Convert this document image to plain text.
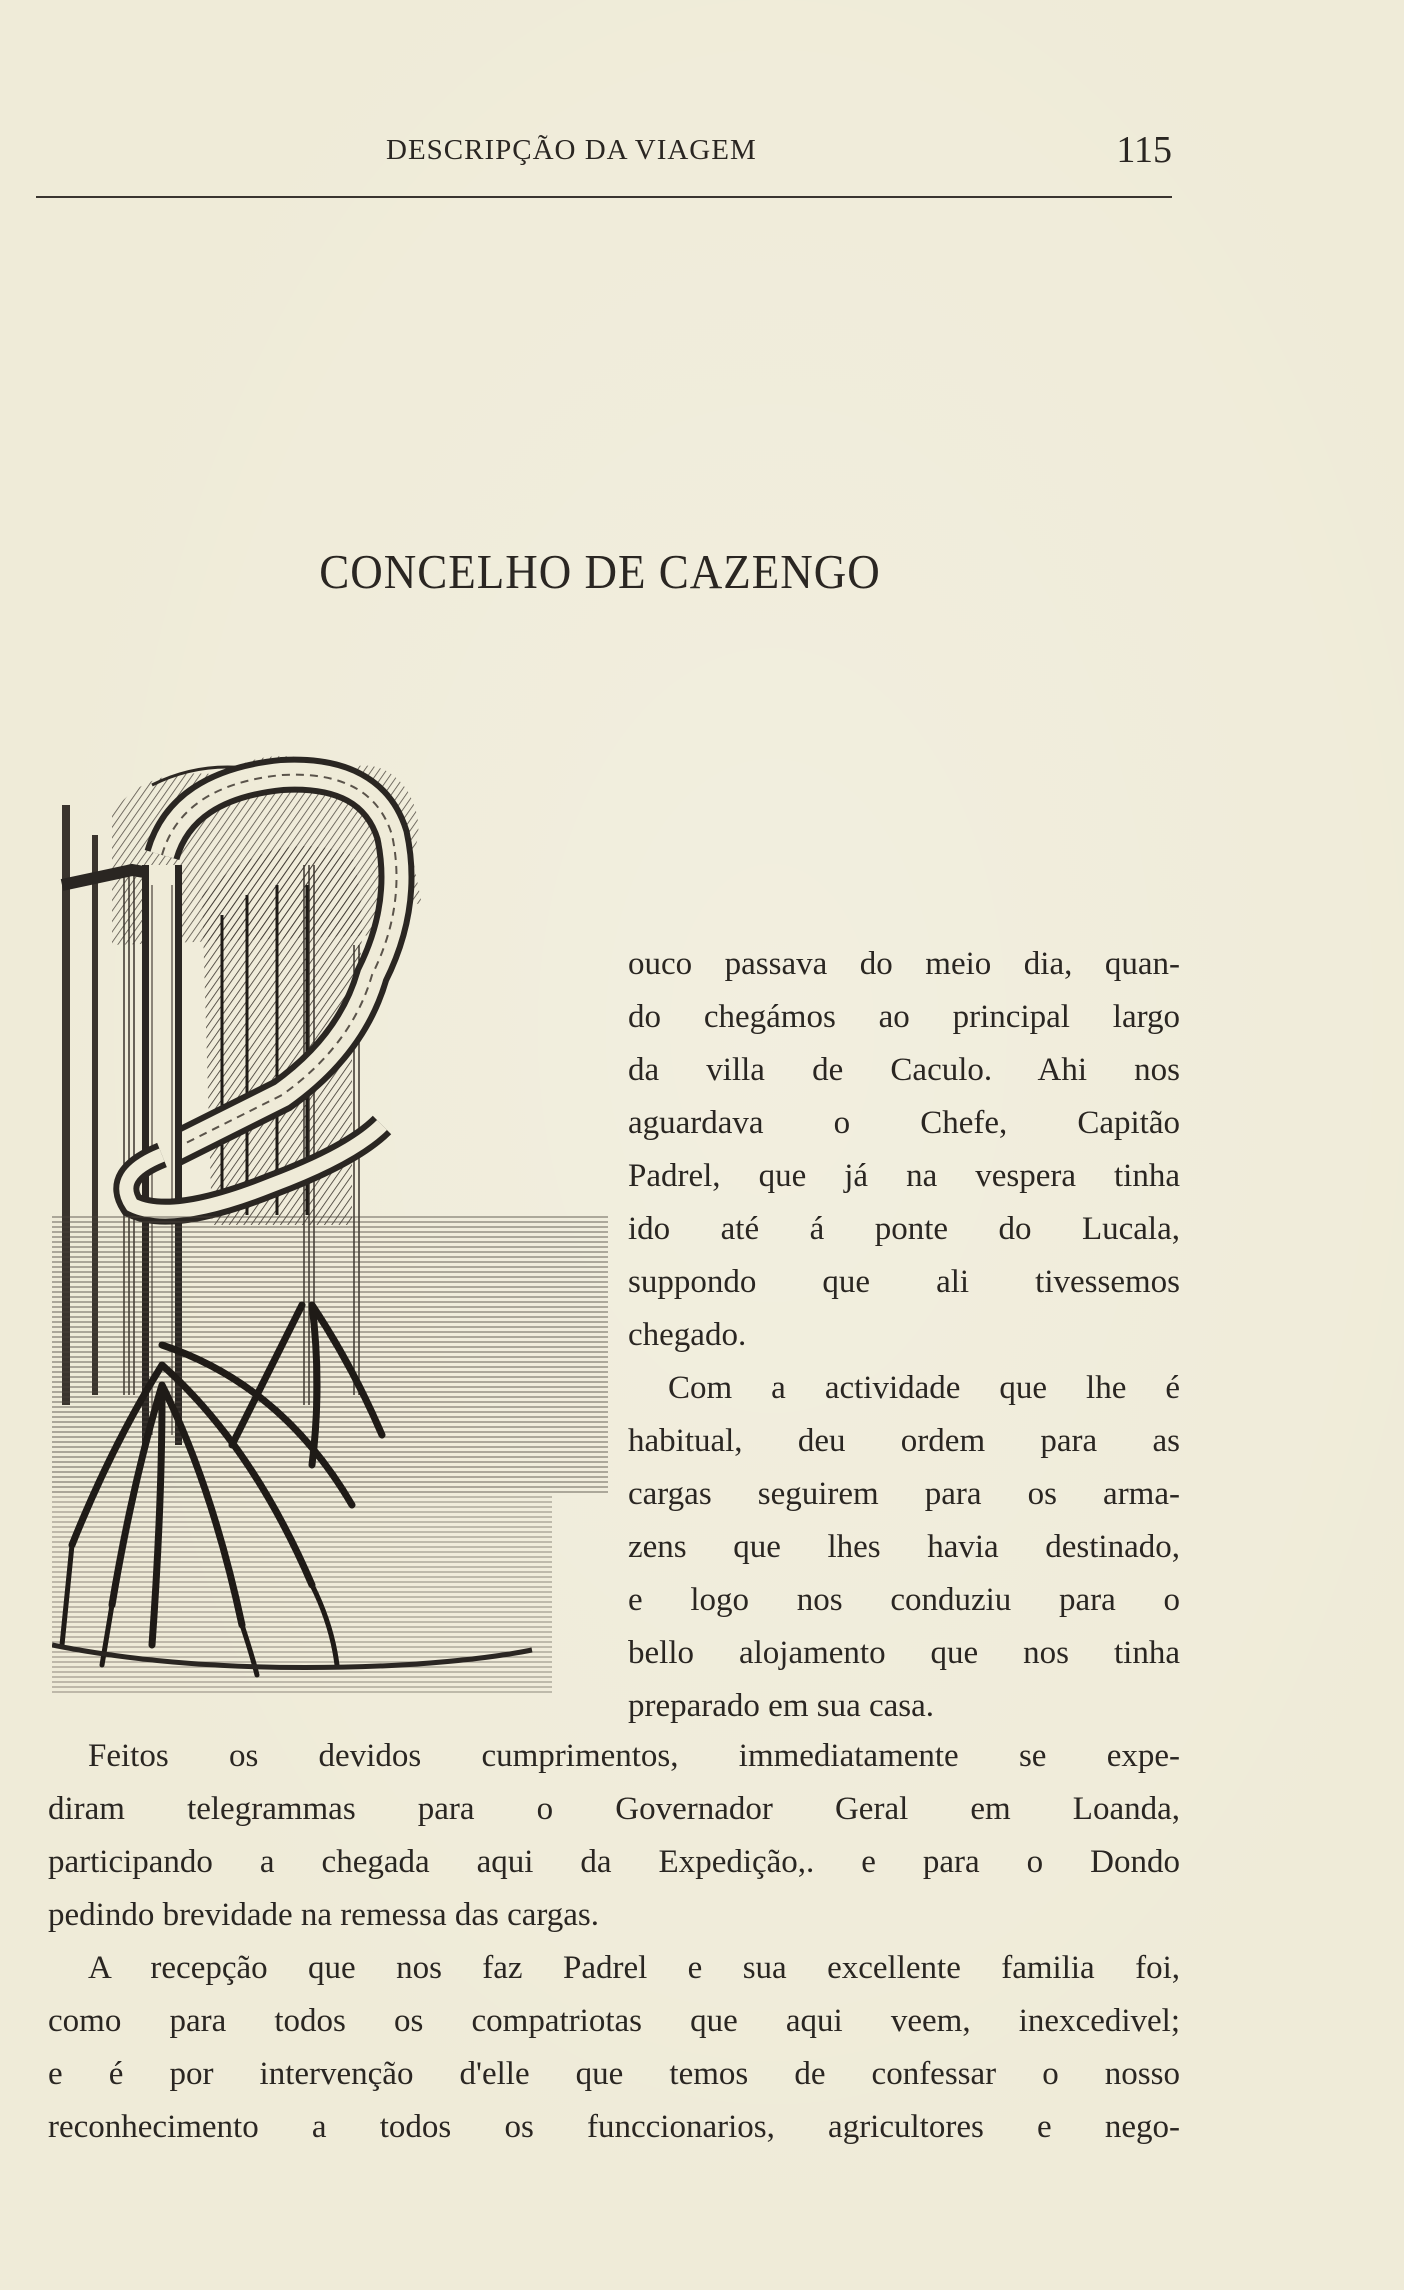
DESCRIPÇÃO DA VIAGEM	115
CONCELHO DE CAZENGO
ouco passava do meio dia, quan-
do chegámos ao principal largo
da villa de Caculo. Ahi nos
aguardava o Chefe, Capitão
Padrel, que já na vespera tinha
ido até á ponte do Lucala,
suppondo que ali tivessemos
chegado.
Com a actividade que lhe é
habitual, deu ordem para as
cargas seguirem para os arma-
zens que lhes havia destinado,
e logo nos conduziu para o
bello alojamento que nos tinha
preparado em sua casa.
Feitos os devidos cumprimentos, immediatamente se expe-
diram telegrammas para o Governador Geral em Loanda,
participando a chegada aqui da Expedição,. e para o Dondo
pedindo brevidade na remessa das cargas.
A recepção que nos faz Padrel e sua excellente familia foi,
como para todos os compatriotas que aqui veem, inexcedivel;
e é por intervenção d'elle que temos de confessar o nosso
reconhecimento a todos os funccionarios, agricultores e nego-
